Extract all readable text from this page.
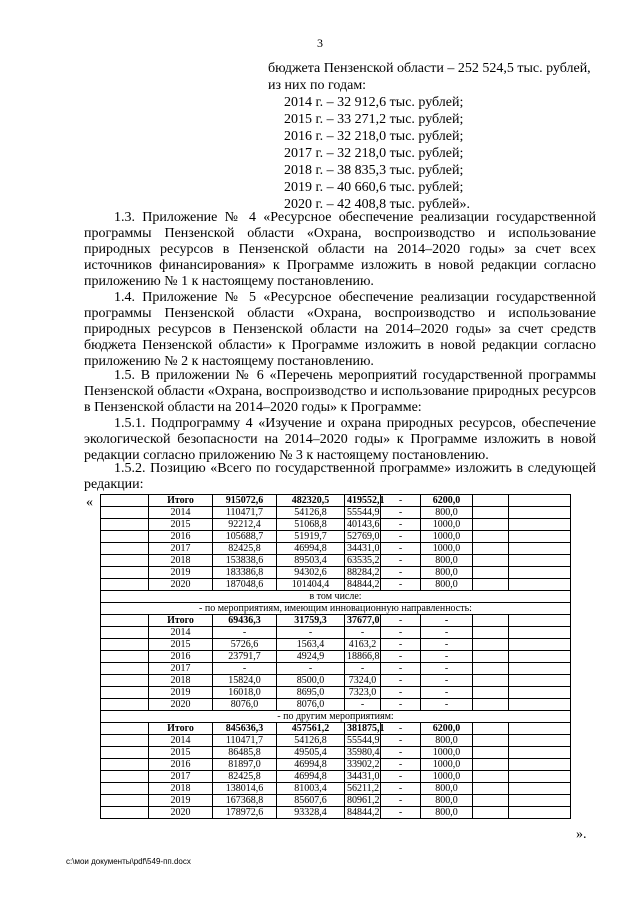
3
бюджета Пензенской области – 252 524,5 тыс. рублей,
из них по годам:
2014 г. – 32 912,6 тыс. рублей;
2015 г. – 33 271,2 тыс. рублей;
2016 г. – 32 218,0 тыс. рублей;
2017 г. – 32 218,0 тыс. рублей;
2018 г. – 38 835,3 тыс. рублей;
2019 г. – 40 660,6 тыс. рублей;
2020 г. – 42 408,8 тыс. рублей».
1.3. Приложение № 4 «Ресурсное обеспечение реализации государственной программы Пензенской области «Охрана, воспроизводство и использование природных ресурсов в Пензенской области на 2014–2020 годы» за счет всех источников финансирования» к Программе изложить в новой редакции согласно приложению № 1 к настоящему постановлению.
1.4. Приложение № 5 «Ресурсное обеспечение реализации государственной программы Пензенской области «Охрана, воспроизводство и использование природных ресурсов в Пензенской области на 2014–2020 годы» за счет средств бюджета Пензенской области» к Программе изложить в новой редакции согласно приложению № 2 к настоящему постановлению.
1.5. В приложении № 6 «Перечень мероприятий государственной программы Пензенской области «Охрана, воспроизводство и использование природных ресурсов в Пензенской области на 2014–2020 годы» к Программе:
1.5.1. Подпрограмму 4 «Изучение и охрана природных ресурсов, обеспечение экологической безопасности на 2014–2020 годы» к Программе изложить в новой редакции согласно приложению № 3 к настоящему постановлению.
1.5.2. Позицию «Всего по государственной программе» изложить в следующей редакции:
«
		Итого	915072,6	482320,5	419552,1	-	6200,0		
	2014	110471,7	54126,8	55544,9	-	800,0		
	2015	92212,4	51068,8	40143,6	-	1000,0		
	2016	105688,7	51919,7	52769,0	-	1000,0		
	2017	82425,8	46994,8	34431,0	-	1000,0		
	2018	153838,6	89503,4	63535,2	-	800,0		
	2019	183386,8	94302,6	88284,2	-	800,0		
	2020	187048,6	101404,4	84844,2	-	800,0		
в том числе:								
- по мероприятиям, имеющим инновационную направленность:								
	Итого	69436,3	31759,3	37677,0	-	-		
	2014	-	-	-	-	-		
	2015	5726,6	1563,4	4163,2	-	-		
	2016	23791,7	4924,9	18866,8	-	-		
	2017	-	-	-	-	-		
	2018	15824,0	8500,0	7324,0	-	-		
	2019	16018,0	8695,0	7323,0	-	-		
	2020	8076,0	8076,0	-	-	-		
- по другим мероприятиям:								
	Итого	845636,3	457561,2	381875,1	-	6200,0		
	2014	110471,7	54126,8	55544,9	-	800,0		
	2015	86485,8	49505,4	35980,4	-	1000,0		
	2016	81897,0	46994,8	33902,2	-	1000,0		
	2017	82425,8	46994,8	34431,0	-	1000,0		
	2018	138014,6	81003,4	56211,2	-	800,0		
	2019	167368,8	85607,6	80961,2	-	800,0		
	2020	178972,6	93328,4	84844,2	-	800,0		
».
c:\мои документы\pdf\549-пп.docx
